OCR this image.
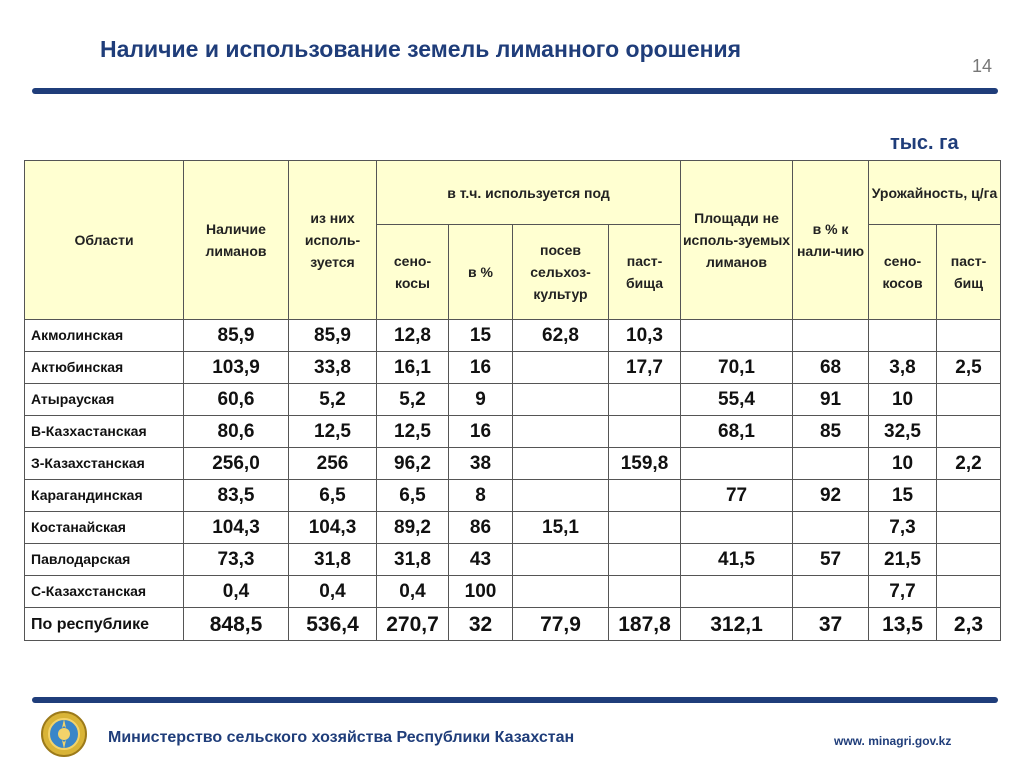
Наличие и использование земель лиманного орошения
14
тыс. га
Области	Наличие лиманов	из них исполь-зуется	в т.ч. используется под				Площади не исполь-зуемых лиманов	в % к нали-чию	Урожайность, ц/га	
			сено-косы	в %	посев сельхоз-культур	паст-бища			сено-косов	паст-бищ
Акмолинская	85,9	85,9	12,8	15	62,8	10,3				
Актюбинская	103,9	33,8	16,1	16		17,7	70,1	68	3,8	2,5
Атырауская	60,6	5,2	5,2	9			55,4	91	10	
В-Казхастанская	80,6	12,5	12,5	16			68,1	85	32,5	
З-Казахстанская	256,0	256	96,2	38		159,8			10	2,2
Карагандинская	83,5	6,5	6,5	8			77	92	15	
Костанайская	104,3	104,3	89,2	86	15,1				7,3	
Павлодарская	73,3	31,8	31,8	43			41,5	57	21,5	
С-Казахстанская	0,4	0,4	0,4	100					7,7	
По республике	848,5	536,4	270,7	32	77,9	187,8	312,1	37	13,5	2,3
Министерство сельского хозяйства Республики Казахстан	www. minagri.gov.kz
